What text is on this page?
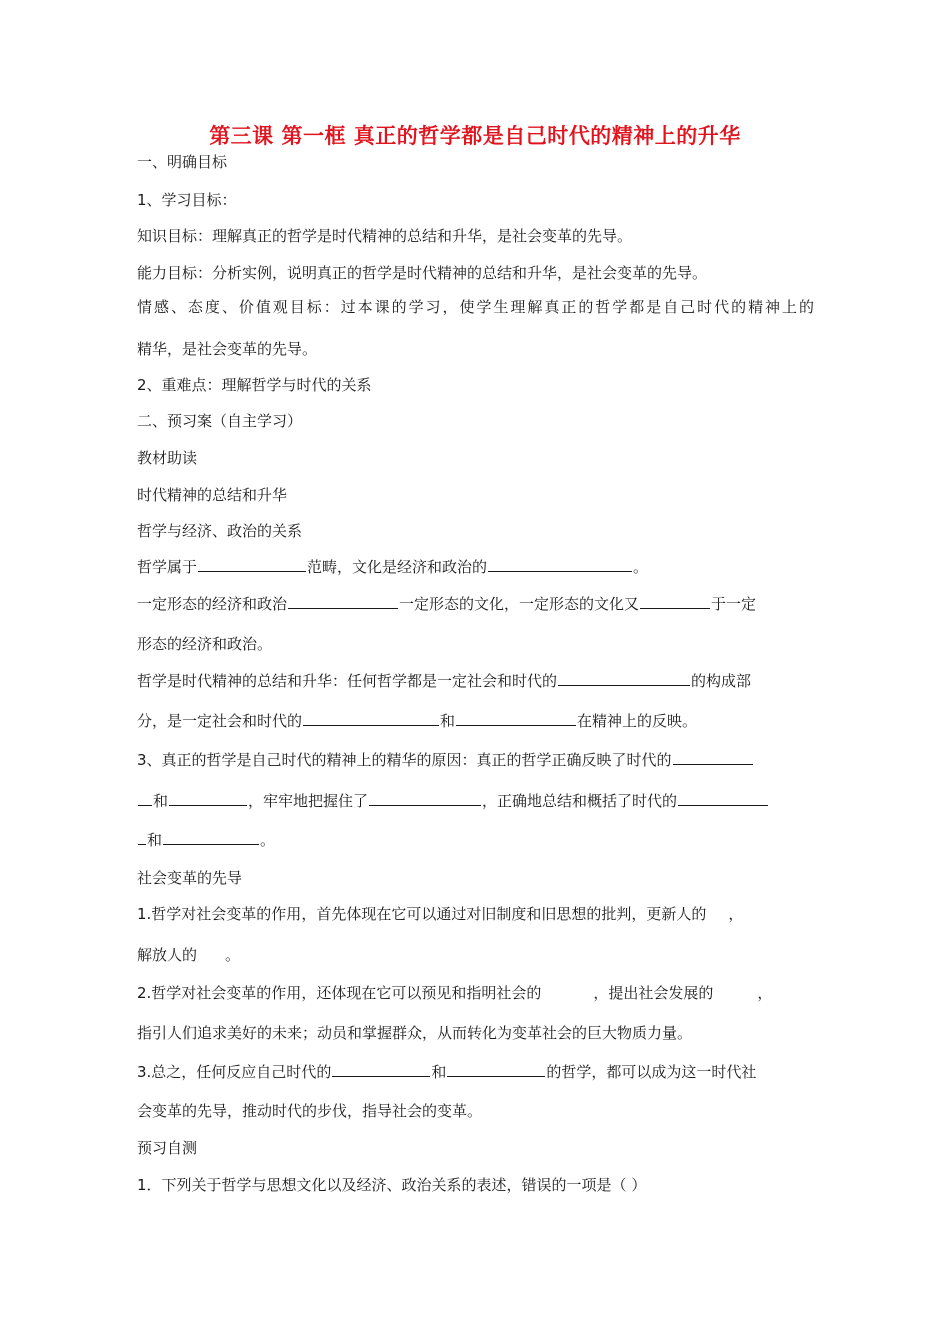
第三课 第一框 真正的哲学都是自己时代的精神上的升华
一、明确目标
1、学习目标：
知识目标：理解真正的哲学是时代精神的总结和升华，是社会变革的先导。
能力目标：分析实例，说明真正的哲学是时代精神的总结和升华，是社会变革的先导。
情感、态度、价值观目标：过本课的学习，使学生理解真正的哲学都是自己时代的精神上的
精华，是社会变革的先导。
2、重难点：理解哲学与时代的关系
二、预习案（自主学习）
教材助读
时代精神的总结和升华
哲学与经济、政治的关系
哲学属于	范畴，文化是经济和政治的	。
一定形态的经济和政治	一定形态的文化，一定形态的文化又	于一定
形态的经济和政治。
哲学是时代精神的总结和升华：任何哲学都是一定社会和时代的	的构成部
分，是一定社会和时代的	和	在精神上的反映。
3、真正的哲学是自己时代的精神上的精华的原因：真正的哲学正确反映了时代的
和	，牢牢地把握住了	，正确地总结和概括了时代的
和	。
社会变革的先导
1.哲学对社会变革的作用，首先体现在它可以通过对旧制度和旧思想的批判，更新人的 ，
解放人的 。
2.哲学对社会变革的作用，还体现在它可以预见和指明社会的	，提出社会发展的	，
指引人们追求美好的未来；动员和掌握群众，从而转化为变革社会的巨大物质力量。
3.总之，任何反应自己时代的	和	的哲学，都可以成为这一时代社
会变革的先导，推动时代的步伐，指导社会的变革。
预习自测
1．下列关于哲学与思想文化以及经济、政治关系的表述，错误的一项是（ ）
